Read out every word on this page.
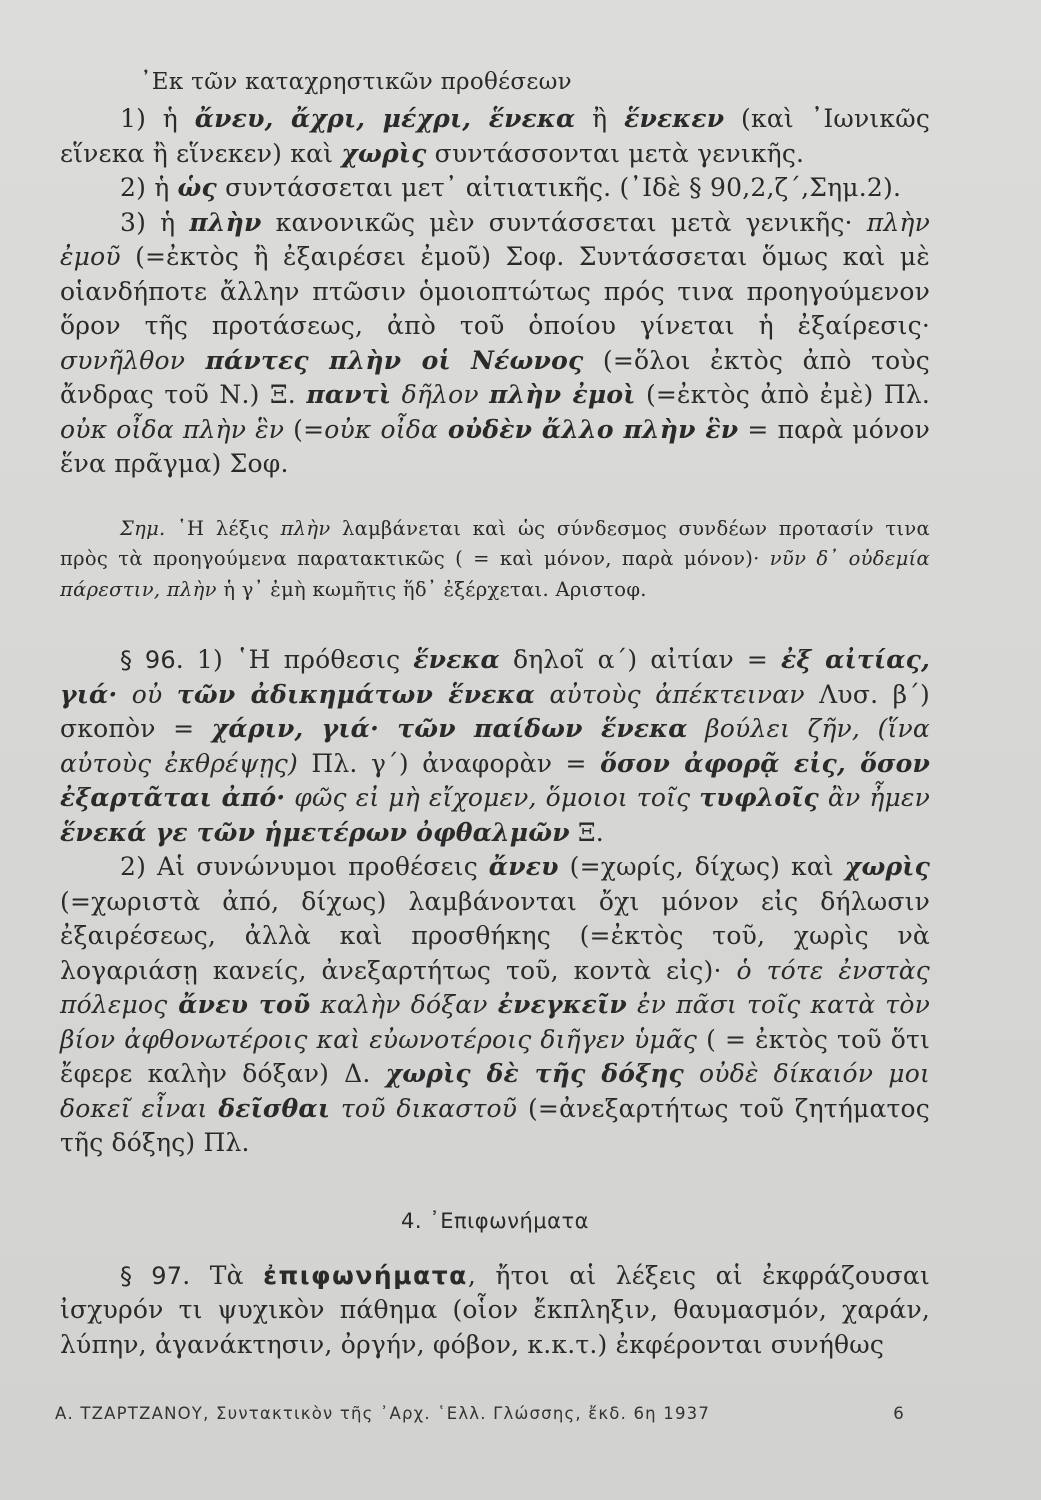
᾿Εκ τῶν καταχρηστικῶν προθέσεων

1) ἡ ἄνευ, ἄχρι, μέχρι, ἕνεκα ἢ ἕνεκεν (καὶ ᾿Ιωνικῶς εἵνεκα ἢ εἵνεκεν) καὶ χωρὶς συντάσσονται μετὰ γενικῆς.

2) ἡ ὡς συντάσσεται μετ᾿ αἰτιατικῆς. (᾿Ιδὲ § 90,2,ζ΄,Σημ.2).

3) ἡ πλὴν κανονικῶς μὲν συντάσσεται μετὰ γενικῆς· πλὴν ἐμοῦ (=ἐκτὸς ἢ ἐξαιρέσει ἐμοῦ) Σοφ. Συντάσσεται ὅμως καὶ μὲ οἱανδήποτε ἄλλην πτῶσιν ὁμοιοπτώτως πρός τινα προηγούμενον ὅρον τῆς προτάσεως, ἀπὸ τοῦ ὁποίου γίνεται ἡ ἐξαίρεσις· συνῆλθον πάντες πλὴν οἱ Νέωνος (=ὅλοι ἐκτὸς ἀπὸ τοὺς ἄνδρας τοῦ Ν.) Ξ. παντὶ δῆλον πλὴν ἐμοὶ (=ἐκτὸς ἀπὸ ἐμὲ) Πλ. οὐκ οἶδα πλὴν ἓν (=οὐκ οἶδα οὐδὲν ἄλλο πλὴν ἓν = παρὰ μόνον ἕνα πρᾶγμα) Σοφ.

Σημ. ῾Η λέξις πλὴν λαμβάνεται καὶ ὡς σύνδεσμος συνδέων προτασίν τινα πρὸς τὰ προηγούμενα παρατακτικῶς ( = καὶ μόνον, παρὰ μόνον)· νῦν δ᾿ οὐδεμία πάρεστιν, πλὴν ἡ γ᾿ ἐμὴ κωμῆτις ἥδ᾿ ἐξέρχεται. Αριστοφ.

§ 96. 1) ῾Η πρόθεσις ἕνεκα δηλοῖ α΄) αἰτίαν = ἐξ αἰτίας, γιά· οὐ τῶν ἀδικημάτων ἕνεκα αὐτοὺς ἀπέκτειναν Λυσ. β΄) σκοπὸν = χάριν, γιά· τῶν παίδων ἕνεκα βούλει ζῆν, (ἵνα αὐτοὺς ἐκθρέψῃς) Πλ. γ΄) ἀναφορὰν = ὅσον ἀφορᾷ εἰς, ὅσον ἐξαρτᾶται ἀπό· φῶς εἰ μὴ εἴχομεν, ὅμοιοι τοῖς τυφλοῖς ἂν ἦμεν ἕνεκά γε τῶν ἡμετέρων ὀφθαλμῶν Ξ.

2) Αἱ συνώνυμοι προθέσεις ἄνευ (=χωρίς, δίχως) καὶ χωρὶς (=χωριστὰ ἀπό, δίχως) λαμβάνονται ὄχι μόνον εἰς δήλωσιν ἐξαιρέσεως, ἀλλὰ καὶ προσθήκης (=ἐκτὸς τοῦ, χωρὶς νὰ λογαριάσῃ κανείς, ἀνεξαρτήτως τοῦ, κοντὰ εἰς)· ὁ τότε ἐνστὰς πόλεμος ἄνευ τοῦ καλὴν δόξαν ἐνεγκεῖν ἐν πᾶσι τοῖς κατὰ τὸν βίον ἀφθονωτέροις καὶ εὐωνοτέροις διῆγεν ὑμᾶς ( = ἐκτὸς τοῦ ὅτι ἔφερε καλὴν δόξαν) Δ. χωρὶς δὲ τῆς δόξης οὐδὲ δίκαιόν μοι δοκεῖ εἶναι δεῖσθαι τοῦ δικαστοῦ (=ἀνεξαρτήτως τοῦ ζητήματος τῆς δόξης) Πλ.

4. ᾿Επιφωνήματα

§ 97. Τὰ ἐπιφωνήματα, ἤτοι αἱ λέξεις αἱ ἐκφράζουσαι ἰσχυρόν τι ψυχικὸν πάθημα (οἷον ἔκπληξιν, θαυμασμόν, χαράν, λύπην, ἀγανάκτησιν, ὀργήν, φόβον, κ.κ.τ.) ἐκφέρονται συνήθως

Α. ΤΖΑΡΤΖΑΝΟΥ, Συντακτικὸν τῆς ᾿Αρχ. ῾Ελλ. Γλώσσης, ἔκδ. 6η 1937	6
